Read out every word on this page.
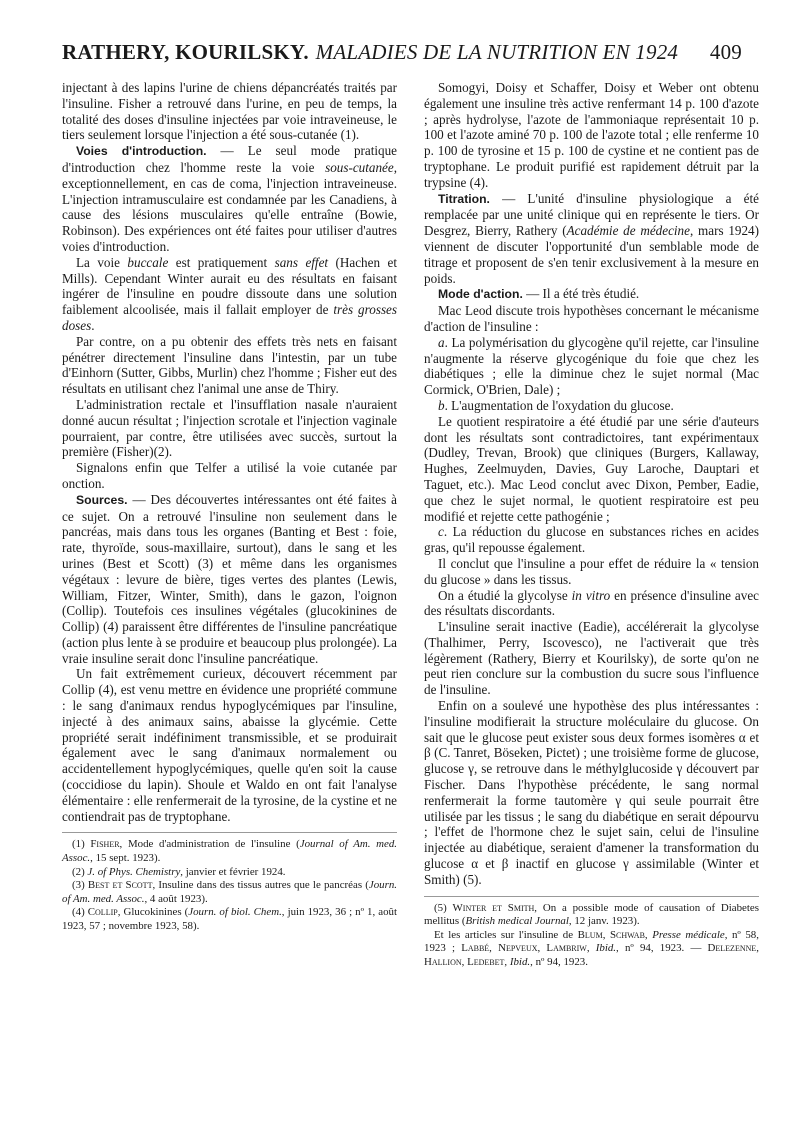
RATHERY, KOURILSKY. MALADIES DE LA NUTRITION EN 1924 409

injectant à des lapins l'urine de chiens dépancréatés traités par l'insuline. Fisher a retrouvé dans l'urine, en peu de temps, la totalité des doses d'insuline injectées par voie intraveineuse, le tiers seulement lorsque l'injection a été sous-cutanée (1).

Voies d'introduction. — Le seul mode pratique d'introduction chez l'homme reste la voie sous-cutanée, exceptionnellement, en cas de coma, l'injection intraveineuse. L'injection intramusculaire est condamnée par les Canadiens, à cause des lésions musculaires qu'elle entraîne (Bowie, Robinson). Des expériences ont été faites pour utiliser d'autres voies d'introduction.

La voie buccale est pratiquement sans effet (Hachen et Mills). Cependant Winter aurait eu des résultats en faisant ingérer de l'insuline en poudre dissoute dans une solution faiblement alcoolisée, mais il fallait employer de très grosses doses.

Par contre, on a pu obtenir des effets très nets en faisant pénétrer directement l'insuline dans l'intestin, par un tube d'Einhorn (Sutter, Gibbs, Murlin) chez l'homme ; Fisher eut des résultats en utilisant chez l'animal une anse de Thiry.

L'administration rectale et l'insufflation nasale n'auraient donné aucun résultat ; l'injection scrotale et l'injection vaginale pourraient, par contre, être utilisées avec succès, surtout la première (Fisher)(2).

Signalons enfin que Telfer a utilisé la voie cutanée par onction.

Sources. — Des découvertes intéressantes ont été faites à ce sujet. On a retrouvé l'insuline non seulement dans le pancréas, mais dans tous les organes (Banting et Best : foie, rate, thyroïde, sous-maxillaire, surtout), dans le sang et les urines (Best et Scott) (3) et même dans les organismes végétaux : levure de bière, tiges vertes des plantes (Lewis, William, Fitzer, Winter, Smith), dans le gazon, l'oignon (Collip). Toutefois ces insulines végétales (glucokinines de Collip) (4) paraissent être différentes de l'insuline pancréatique (action plus lente à se produire et beaucoup plus prolongée). La vraie insuline serait donc l'insuline pancréatique.

Un fait extrêmement curieux, découvert récemment par Collip (4), est venu mettre en évidence une propriété commune : le sang d'animaux rendus hypoglycémiques par l'insuline, injecté à des animaux sains, abaisse la glycémie. Cette propriété serait indéfiniment transmissible, et se produirait également avec le sang d'animaux normalement ou accidentellement hypoglycémiques, quelle qu'en soit la cause (coccidiose du lapin). Shoule et Waldo en ont fait l'analyse élémentaire : elle renfermerait de la tyrosine, de la cystine et ne contiendrait pas de tryptophane.

(1) Fisher, Mode d'administration de l'insuline (Journal of Am. med. Assoc., 15 sept. 1923).

(2) J. of Phys. Chemistry, janvier et février 1924.

(3) Best et Scott, Insuline dans des tissus autres que le pancréas (Journ. of Am. med. Assoc., 4 août 1923).

(4) Collip, Glucokinines (Journ. of biol. Chem., juin 1923, 36 ; nº 1, août 1923, 57 ; novembre 1923, 58).

Somogyi, Doisy et Schaffer, Doisy et Weber ont obtenu également une insuline très active renfermant 14 p. 100 d'azote ; après hydrolyse, l'azote de l'ammoniaque représentait 10 p. 100 et l'azote aminé 70 p. 100 de l'azote total ; elle renferme 10 p. 100 de tyrosine et 15 p. 100 de cystine et ne contient pas de tryptophane. Le produit purifié est rapidement détruit par la trypsine (4).

Titration. — L'unité d'insuline physiologique a été remplacée par une unité clinique qui en représente le tiers. Or Desgrez, Bierry, Rathery (Académie de médecine, mars 1924) viennent de discuter l'opportunité d'un semblable mode de titrage et proposent de s'en tenir exclusivement à la mesure en poids.

Mode d'action. — Il a été très étudié.

Mac Leod discute trois hypothèses concernant le mécanisme d'action de l'insuline :

a. La polymérisation du glycogène qu'il rejette, car l'insuline n'augmente la réserve glycogénique du foie que chez les diabétiques ; elle la diminue chez le sujet normal (Mac Cormick, O'Brien, Dale) ;

b. L'augmentation de l'oxydation du glucose.

Le quotient respiratoire a été étudié par une série d'auteurs dont les résultats sont contradictoires, tant expérimentaux (Dudley, Trevan, Brook) que cliniques (Burgers, Kallaway, Hughes, Zeelmuyden, Davies, Guy Laroche, Dauptari et Taguet, etc.). Mac Leod conclut avec Dixon, Pember, Eadie, que chez le sujet normal, le quotient respiratoire est peu modifié et rejette cette pathogénie ;

c. La réduction du glucose en substances riches en acides gras, qu'il repousse également.

Il conclut que l'insuline a pour effet de réduire la « tension du glucose » dans les tissus.

On a étudié la glycolyse in vitro en présence d'insuline avec des résultats discordants.

L'insuline serait inactive (Eadie), accélérerait la glycolyse (Thalhimer, Perry, Iscovesco), ne l'activerait que très légèrement (Rathery, Bierry et Kourilsky), de sorte qu'on ne peut rien conclure sur la combustion du sucre sous l'influence de l'insuline.

Enfin on a soulevé une hypothèse des plus intéressantes : l'insuline modifierait la structure moléculaire du glucose. On sait que le glucose peut exister sous deux formes isomères α et β (C. Tanret, Böseken, Pictet) ; une troisième forme de glucose, glucose γ, se retrouve dans le méthylglucoside γ découvert par Fischer. Dans l'hypothèse précédente, le sang normal renfermerait la forme tautomère γ qui seule pourrait être utilisée par les tissus ; le sang du diabétique en serait dépourvu ; l'effet de l'hormone chez le sujet sain, celui de l'insuline injectée au diabétique, seraient d'amener la transformation du glucose α et β inactif en glucose γ assimilable (Winter et Smith) (5).

(5) Winter et Smith, On a possible mode of causation of Diabetes mellitus (British medical Journal, 12 janv. 1923).

Et les articles sur l'insuline de Blum, Schwab, Presse médicale, nº 58, 1923 ; Labbé, Nepveux, Lambriw, Ibid., nº 94, 1923. — Delezenne, Hallion, Ledebet, Ibid., nº 94, 1923.
